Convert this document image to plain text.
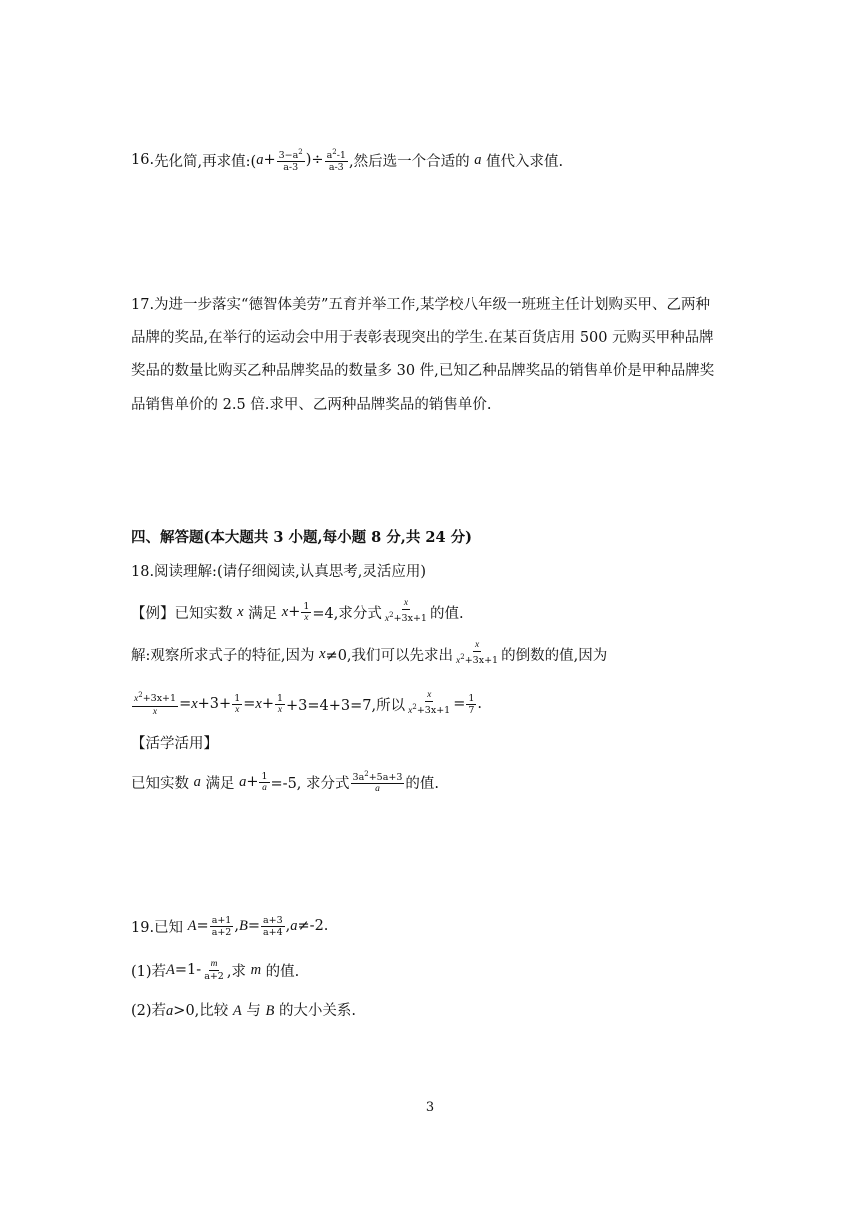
16. 先化简,再求值:( $a + \frac{3-a^2}{a-3}$ )÷ $\frac{a^2-1}{a-3}$ ,然后选一个合适的
a
值代入求值.
17.为进一步落实“德智体美劳”五育并举工作,某学校八年级一班班主任计划购买甲、乙两种
品牌的奖品,在举行的运动会中用于表彰表现突出的学生.在某百货店用 500 元购买甲种品牌
奖品的数量比购买乙种品牌奖品的数量多 30 件,已知乙种品牌奖品的销售单价是甲种品牌奖
品销售单价的 2.5 倍.求甲、乙两种品牌奖品的销售单价.
四、解答题(本大题共 3 小题,每小题 8 分,共 24 分)
18.阅读理解:(请仔细阅读,认真思考,灵活应用)
【例】已知实数
x
满足
$x + \frac{1}{x} =4$,求分式 $\frac{x}{x^2+3x+1}$ 的值.
解:观察所求式子的特征,因为
x ≠0,我们可以先求出 $\frac{x}{x^2+3x+1}$ 的倒数的值,因为
$\frac{x^2+3x+1}{x} = x +3+ \frac{1}{x} = x + \frac{1}{x} +3=4+3=7$,所以 $\frac{x}{x^2+3x+1} = \frac{1}{7}$ .
【活学活用】
已知实数
a
满足
$a + \frac{1}{a} =-5$, 求分式 $\frac{3a^2+5a+3}{a}$ 的值.
19.已知
$A = \frac{a+1}{a+2}$ , $B = \frac{a+3}{a+4}$ , a ≠-2.
(1)若 $A =1- \frac{m}{a+2}$ ,求
m
的值.
(2)若a>0,比较 A 与 B 的大小关系.
3
